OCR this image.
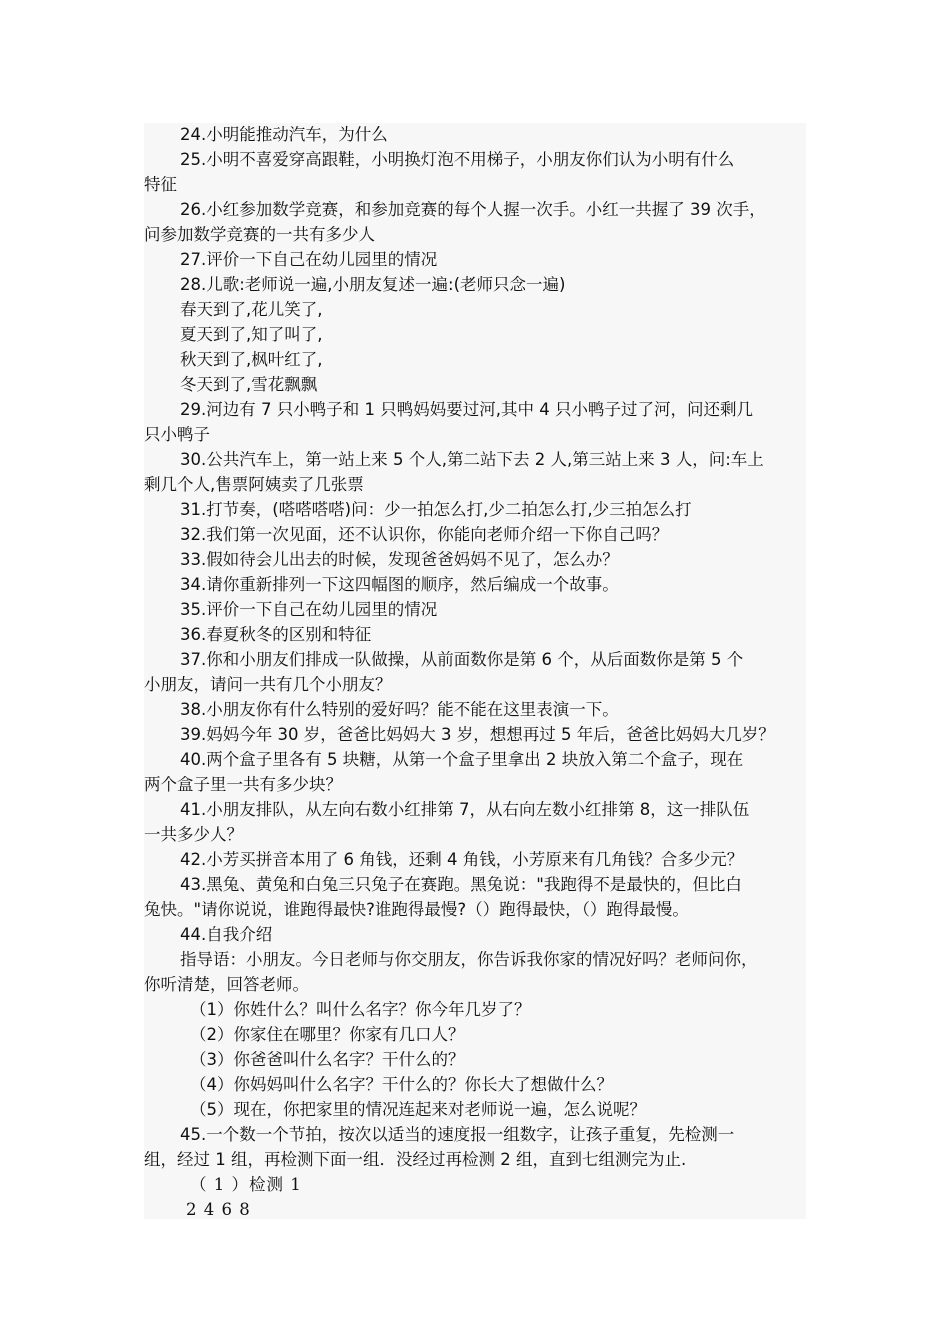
24.小明能推动汽车，为什么
25.小明不喜爱穿高跟鞋，小明换灯泡不用梯子，小朋友你们认为小明有什么
特征
26.小红参加数学竞赛，和参加竞赛的每个人握一次手。小红一共握了 39 次手，
问参加数学竞赛的一共有多少人
27.评价一下自己在幼儿园里的情况
28.儿歌:老师说一遍,小朋友复述一遍:(老师只念一遍)
春天到了,花儿笑了,
夏天到了,知了叫了,
秋天到了,枫叶红了,
冬天到了,雪花飘飘
29.河边有 7 只小鸭子和 1 只鸭妈妈要过河,其中 4 只小鸭子过了河，问还剩几
只小鸭子
30.公共汽车上，第一站上来 5 个人,第二站下去 2 人,第三站上来 3 人，问:车上
剩几个人,售票阿姨卖了几张票
31.打节奏，(嗒嗒嗒嗒)问：少一拍怎么打,少二拍怎么打,少三拍怎么打
32.我们第一次见面，还不认识你，你能向老师介绍一下你自己吗？
33.假如待会儿出去的时候，发现爸爸妈妈不见了，怎么办？
34.请你重新排列一下这四幅图的顺序，然后编成一个故事。
35.评价一下自己在幼儿园里的情况
36.春夏秋冬的区别和特征
37.你和小朋友们排成一队做操，从前面数你是第 6 个，从后面数你是第 5 个
小朋友，请问一共有几个小朋友？
38.小朋友你有什么特别的爱好吗？能不能在这里表演一下。
39.妈妈今年 30 岁，爸爸比妈妈大 3 岁，想想再过 5 年后，爸爸比妈妈大几岁？
40.两个盒子里各有 5 块糖，从第一个盒子里拿出 2 块放入第二个盒子，现在
两个盒子里一共有多少块？
41.小朋友排队，从左向右数小红排第 7，从右向左数小红排第 8，这一排队伍
一共多少人？
42.小芳买拼音本用了 6 角钱，还剩 4 角钱，小芳原来有几角钱？合多少元？
43.黑兔、黄兔和白兔三只兔子在赛跑。黑兔说："我跑得不是最快的，但比白
兔快。"请你说说，谁跑得最快?谁跑得最慢?（）跑得最快，（）跑得最慢。
44.自我介绍
指导语：小朋友。今日老师与你交朋友，你告诉我你家的情况好吗？老师问你，
你听清楚，回答老师。
（1）你姓什么？叫什么名字？你今年几岁了？
（2）你家住在哪里？你家有几口人？
（3）你爸爸叫什么名字？干什么的？
（4）你妈妈叫什么名字？干什么的？你长大了想做什么？
（5）现在，你把家里的情况连起来对老师说一遍，怎么说呢？
45.一个数一个节拍，按次以适当的速度报一组数字，让孩子重复，先检测一
组，经过 1 组，再检测下面一组．没经过再检测 2 组，直到七组测完为止.
（ 1 ）检测 1
2 4 6 8
